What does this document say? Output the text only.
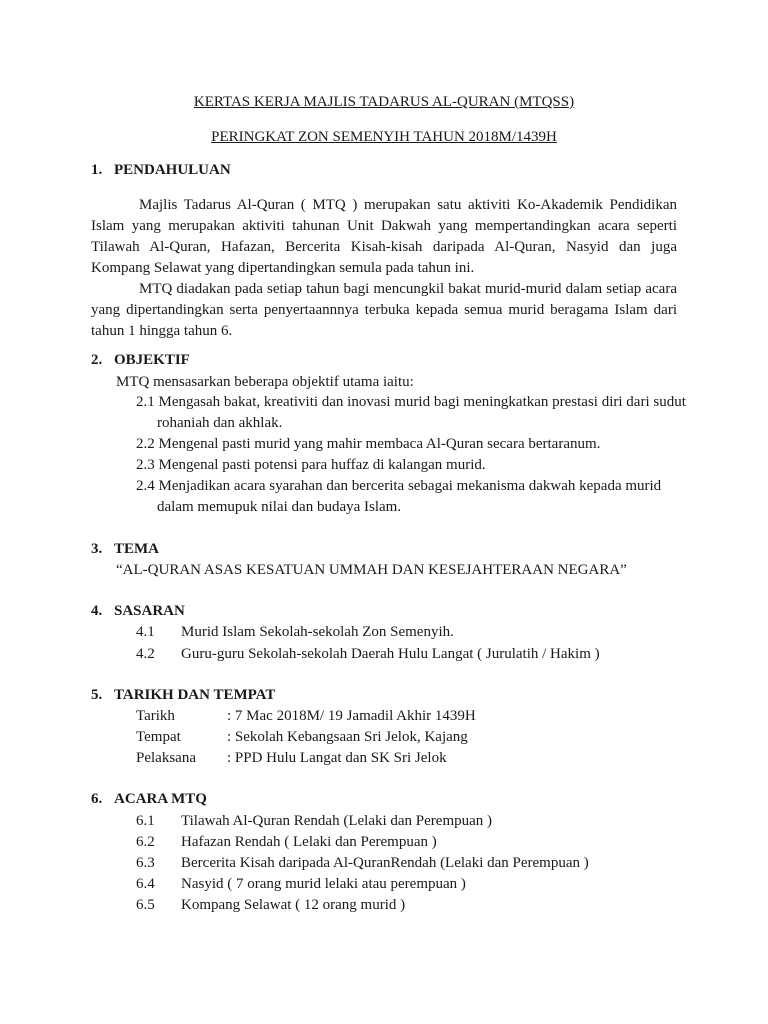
KERTAS KERJA MAJLIS TADARUS AL-QURAN (MTQSS)
PERINGKAT ZON SEMENYIH TAHUN 2018M/1439H
1. PENDAHULUAN

Majlis Tadarus Al-Quran ( MTQ ) merupakan satu aktiviti Ko-Akademik Pendidikan Islam yang merupakan aktiviti tahunan Unit Dakwah yang mempertandingkan acara seperti Tilawah Al-Quran, Hafazan, Bercerita Kisah-kisah daripada Al-Quran, Nasyid dan juga Kompang Selawat yang dipertandingkan semula pada tahun ini.

MTQ diadakan pada setiap tahun bagi mencungkil bakat murid-murid dalam setiap acara yang dipertandingkan serta penyertaannnya terbuka kepada semua murid beragama Islam dari tahun 1 hingga tahun 6.

2. OBJEKTIF
MTQ mensasarkan beberapa objektif utama iaitu:
2.1 Mengasah bakat, kreativiti dan inovasi murid bagi meningkatkan prestasi diri dari sudut rohaniah dan akhlak.
2.2 Mengenal pasti murid yang mahir membaca Al-Quran secara bertaranum.
2.3 Mengenal pasti potensi para huffaz di kalangan murid.
2.4 Menjadikan acara syarahan dan bercerita sebagai mekanisma dakwah kepada murid dalam memupuk nilai dan budaya Islam.
3. TEMA
“AL-QURAN ASAS KESATUAN UMMAH DAN KESEJAHTERAAN NEGARA”
4. SASARAN
4.1 Murid Islam Sekolah-sekolah Zon Semenyih.
4.2 Guru-guru Sekolah-sekolah Daerah Hulu Langat ( Jurulatih / Hakim )
5. TARIKH DAN TEMPAT
Tarikh	: 7 Mac 2018M/ 19 Jamadil Akhir 1439H
Tempat	: Sekolah Kebangsaan Sri Jelok, Kajang
Pelaksana : PPD Hulu Langat dan SK Sri Jelok
6. ACARA MTQ
6.1 Tilawah Al-Quran Rendah (Lelaki dan Perempuan )
6.2 Hafazan Rendah ( Lelaki dan Perempuan )
6.3 Bercerita Kisah daripada Al-QuranRendah (Lelaki dan Perempuan )
6.4 Nasyid ( 7 orang murid lelaki atau perempuan )
6.5 Kompang Selawat ( 12 orang murid )
